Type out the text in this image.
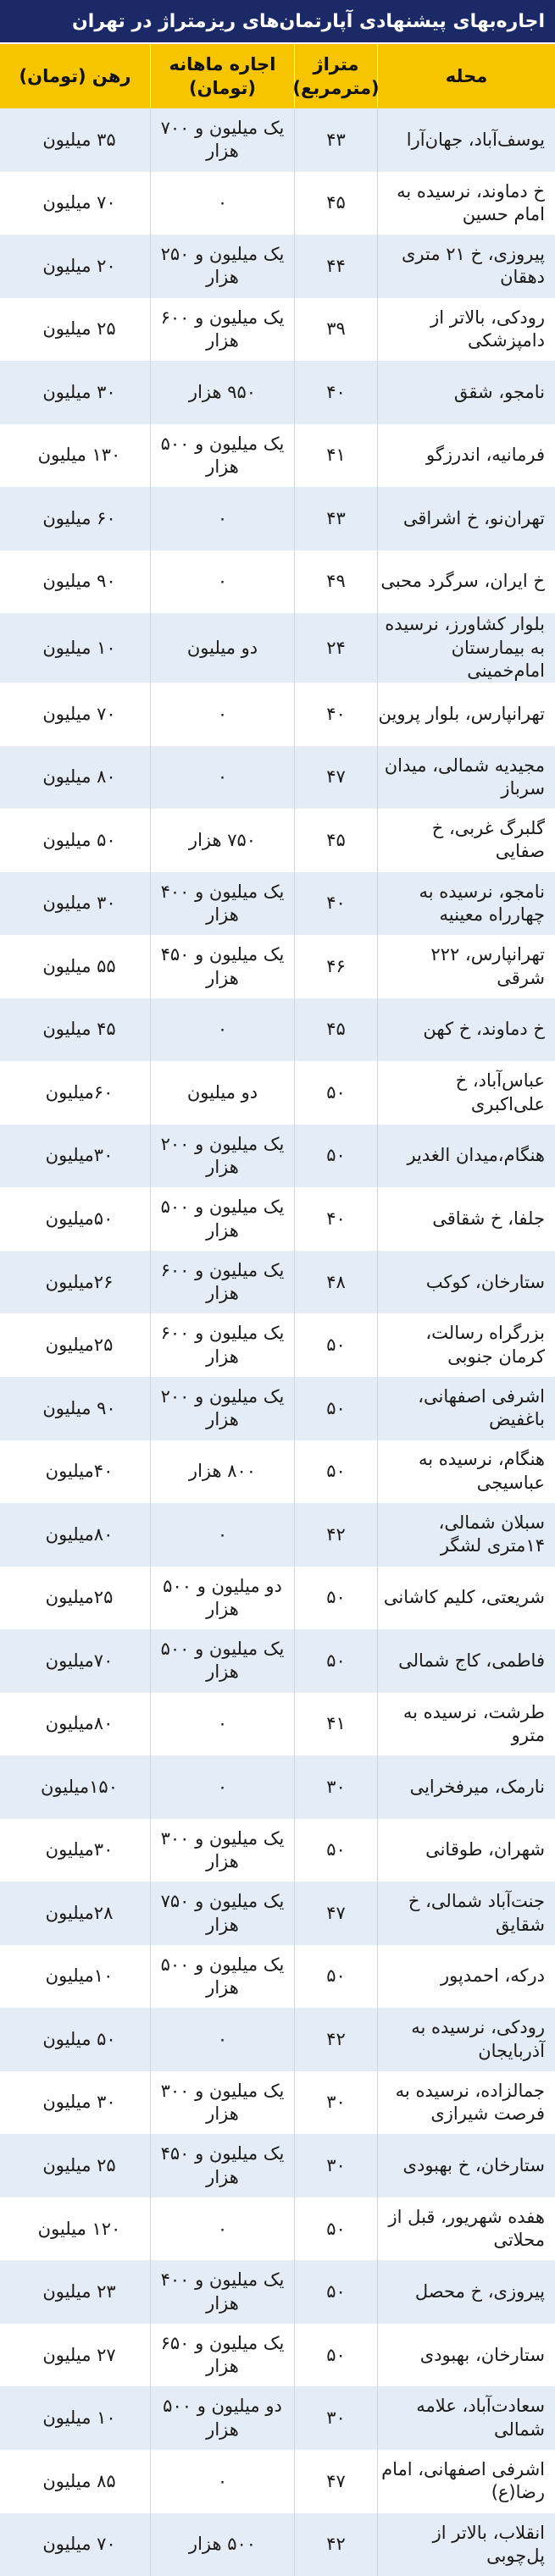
اجاره‌بهای پیشنهادی آپارتمان‌های ریزمتراژ در تهران
محله
متراژ (مترمربع)
اجاره ماهانه (تومان)
رهن (تومان)
یوسف‌آباد، جهان‌آرا
۴۳
یک میلیون و ۷۰۰ هزار
۳۵ میلیون
خ دماوند، نرسیده به امام حسین
۴۵
۰
۷۰ میلیون
پیروزی، خ ۲۱ متری دهقان
۴۴
یک میلیون و ۲۵۰ هزار
۲۰ میلیون
رودکی، بالاتر از دامپزشکی
۳۹
یک میلیون و ۶۰۰ هزار
۲۵ میلیون
نامجو، شقق
۴۰
۹۵۰ هزار
۳۰ میلیون
فرمانیه، اندرزگو
۴۱
یک میلیون و ۵۰۰ هزار
۱۳۰ میلیون
تهران‌نو، خ اشراقی
۴۳
۰
۶۰ میلیون
خ ایران، سرگرد محبی
۴۹
۰
۹۰ میلیون
بلوار کشاورز، نرسیده به بیمارستان امام‌خمینی
۲۴
دو میلیون
۱۰ میلیون
تهرانپارس، بلوار پروین
۴۰
۰
۷۰ میلیون
مجیدیه شمالی، میدان سرباز
۴۷
۰
۸۰ میلیون
گلبرگ غربی، خ صفایی
۴۵
۷۵۰ هزار
۵۰ میلیون
نامجو، نرسیده به چهارراه معینیه
۴۰
یک میلیون و ۴۰۰ هزار
۳۰ میلیون
تهرانپارس، ۲۲۲ شرقی
۴۶
یک میلیون و ۴۵۰ هزار
۵۵ میلیون
خ دماوند، خ کهن
۴۵
۰
۴۵ میلیون
عباس‌آباد، خ علی‌اکبری
۵۰
دو میلیون
۶۰میلیون
هنگام،میدان الغدیر
۵۰
یک میلیون و ۲۰۰ هزار
۳۰میلیون
جلفا، خ شقاقی
۴۰
یک میلیون و ۵۰۰ هزار
۵۰میلیون
ستارخان، کوکب
۴۸
یک میلیون و ۶۰۰ هزار
۲۶میلیون
بزرگراه رسالت، کرمان جنوبی
۵۰
یک میلیون و ۶۰۰ هزار
۲۵میلیون
اشرفی اصفهانی، باغفیض
۵۰
یک میلیون و ۲۰۰ هزار
۹۰ میلیون
هنگام، نرسیده به عباسیجی
۵۰
۸۰۰ هزار
۴۰میلیون
سبلان شمالی، ۱۴متری لشگر
۴۲
۰
۸۰میلیون
شریعتی، کلیم کاشانی
۵۰
دو میلیون و ۵۰۰ هزار
۲۵میلیون
فاطمی، کاج شمالی
۵۰
یک میلیون و ۵۰۰ هزار
۷۰میلیون
طرشت، نرسیده به مترو
۴۱
۰
۸۰میلیون
نارمک، میرفخرایی
۳۰
۰
۱۵۰میلیون
شهران، طوقانی
۵۰
یک میلیون و ۳۰۰ هزار
۳۰میلیون
جنت‌آباد شمالی، خ شقایق
۴۷
یک میلیون و ۷۵۰ هزار
۲۸میلیون
درکه، احمدپور
۵۰
یک میلیون و ۵۰۰ هزار
۱۰میلیون
رودکی، نرسیده به آذربایجان
۴۲
۰
۵۰ میلیون
جمالزاده، نرسیده به فرصت شیرازی
۳۰
یک میلیون و ۳۰۰ هزار
۳۰ میلیون
ستارخان، خ بهبودی
۳۰
یک میلیون و ۴۵۰ هزار
۲۵ میلیون
هفده شهریور، قبل از محلاتی
۵۰
۰
۱۲۰ میلیون
پیروزی، خ محصل
۵۰
یک میلیون و ۴۰۰ هزار
۲۳ میلیون
ستارخان، بهبودی
۵۰
یک میلیون و ۶۵۰ هزار
۲۷ میلیون
سعادت‌آباد، علامه شمالی
۳۰
دو میلیون و ۵۰۰ هزار
۱۰ میلیون
اشرفی اصفهانی، امام رضا(ع)
۴۷
۰
۸۵ میلیون
انقلاب، بالاتر از پل‌چوبی
۴۲
۵۰۰ هزار
۷۰ میلیون
